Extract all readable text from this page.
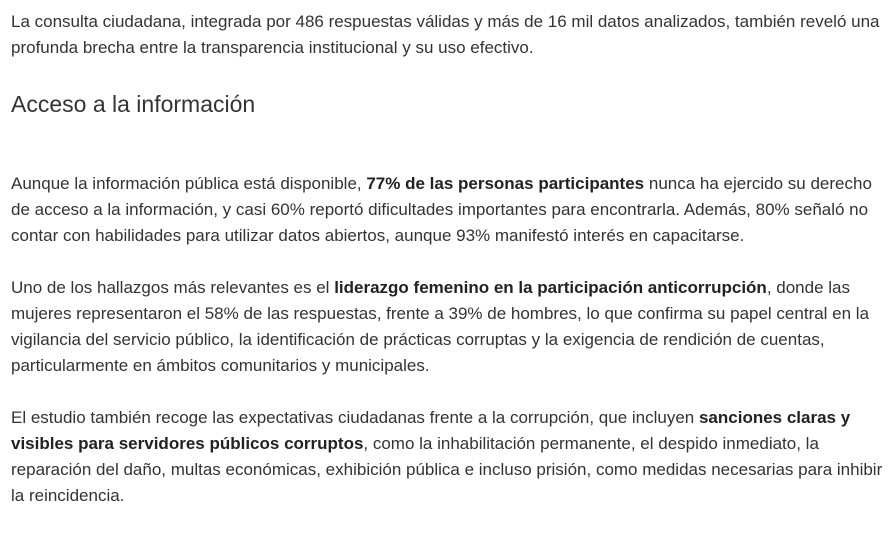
La consulta ciudadana, integrada por 486 respuestas válidas y más de 16 mil datos analizados, también reveló una profunda brecha entre la transparencia institucional y su uso efectivo.

Acceso a la información

Aunque la información pública está disponible, 77% de las personas participantes nunca ha ejercido su derecho de acceso a la información, y casi 60% reportó dificultades importantes para encontrarla. Además, 80% señaló no contar con habilidades para utilizar datos abiertos, aunque 93% manifestó interés en capacitarse.

Uno de los hallazgos más relevantes es el liderazgo femenino en la participación anticorrupción, donde las mujeres representaron el 58% de las respuestas, frente a 39% de hombres, lo que confirma su papel central en la vigilancia del servicio público, la identificación de prácticas corruptas y la exigencia de rendición de cuentas, particularmente en ámbitos comunitarios y municipales.

El estudio también recoge las expectativas ciudadanas frente a la corrupción, que incluyen sanciones claras y visibles para servidores públicos corruptos, como la inhabilitación permanente, el despido inmediato, la reparación del daño, multas económicas, exhibición pública e incluso prisión, como medidas necesarias para inhibir la reincidencia.
